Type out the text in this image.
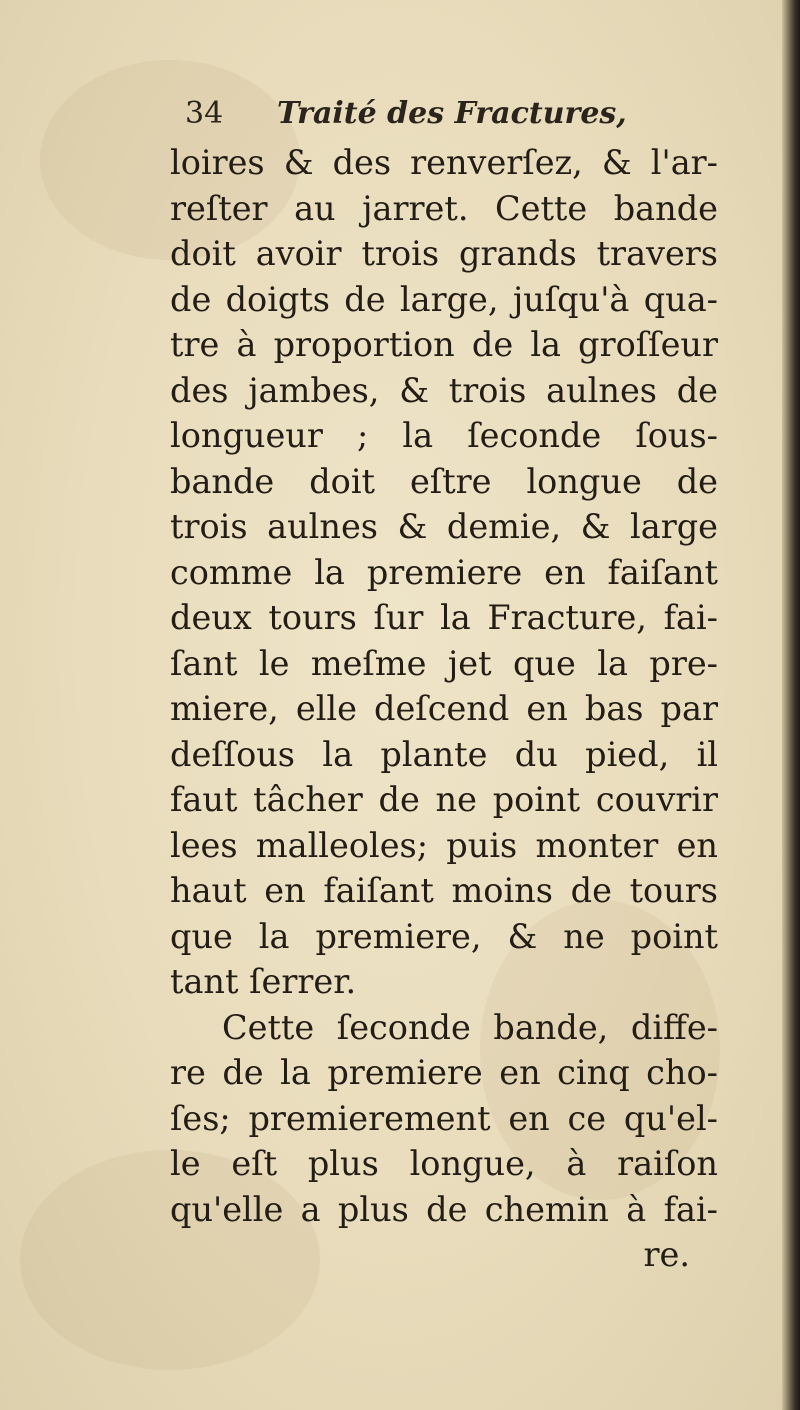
34 Traité des Fractures,
loires & des renverſez, & l'ar-
reſter au jarret. Cette bande
doit avoir trois grands travers
de doigts de large, juſqu'à qua-
tre à proportion de la groſſeur
des jambes, & trois aulnes de
longueur ; la ſeconde ſous-
bande doit eſtre longue de
trois aulnes & demie, & large
comme la premiere en faiſant
deux tours ſur la Fracture, fai-
ſant le meſme jet que la pre-
miere, elle deſcend en bas par
deſſous la plante du pied, il
faut tâcher de ne point couvrir
lees malleoles; puis monter en
haut en faiſant moins de tours
que la premiere, & ne point
tant ſerrer.
Cette ſeconde bande, diffe-
re de la premiere en cinq cho-
ſes; premierement en ce qu'el-
le eſt plus longue, à raiſon
qu'elle a plus de chemin à fai-
re.
